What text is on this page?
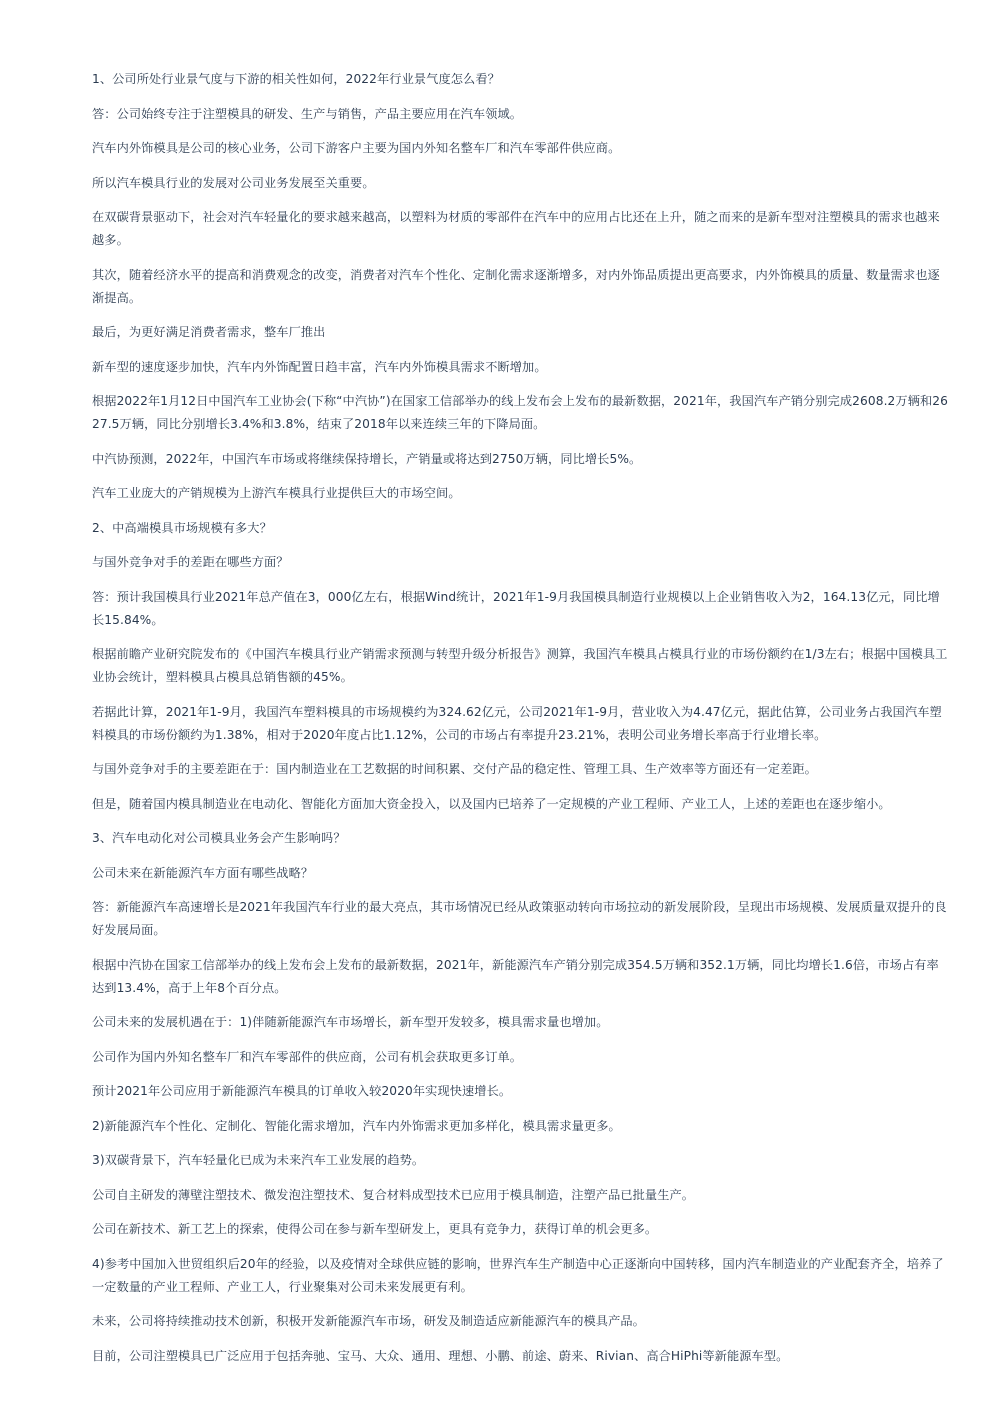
1、公司所处行业景气度与下游的相关性如何，2022年行业景气度怎么看？

答：公司始终专注于注塑模具的研发、生产与销售，产品主要应用在汽车领域。

汽车内外饰模具是公司的核心业务，公司下游客户主要为国内外知名整车厂和汽车零部件供应商。

所以汽车模具行业的发展对公司业务发展至关重要。

在双碳背景驱动下，社会对汽车轻量化的要求越来越高，以塑料为材质的零部件在汽车中的应用占比还在上升，随之而来的是新车型对注塑模具的需求也越来越多。

其次，随着经济水平的提高和消费观念的改变，消费者对汽车个性化、定制化需求逐渐增多，对内外饰品质提出更高要求，内外饰模具的质量、数量需求也逐渐提高。

最后，为更好满足消费者需求，整车厂推出

新车型的速度逐步加快，汽车内外饰配置日趋丰富，汽车内外饰模具需求不断增加。

根据2022年1月12日中国汽车工业协会(下称“中汽协”)在国家工信部举办的线上发布会上发布的最新数据，2021年，我国汽车产销分别完成2608.2万辆和2627.5万辆，同比分别增长3.4%和3.8%，结束了2018年以来连续三年的下降局面。

中汽协预测，2022年，中国汽车市场或将继续保持增长，产销量或将达到2750万辆，同比增长5%。

汽车工业庞大的产销规模为上游汽车模具行业提供巨大的市场空间。

2、中高端模具市场规模有多大？

与国外竞争对手的差距在哪些方面？

答：预计我国模具行业2021年总产值在3，000亿左右，根据Wind统计，2021年1-9月我国模具制造行业规模以上企业销售收入为2，164.13亿元，同比增长15.84%。

根据前瞻产业研究院发布的《中国汽车模具行业产销需求预测与转型升级分析报告》测算，我国汽车模具占模具行业的市场份额约在1/3左右；根据中国模具工业协会统计，塑料模具占模具总销售额的45%。

若据此计算，2021年1-9月，我国汽车塑料模具的市场规模约为324.62亿元，公司2021年1-9月，营业收入为4.47亿元，据此估算，公司业务占我国汽车塑料模具的市场份额约为1.38%，相对于2020年度占比1.12%，公司的市场占有率提升23.21%，表明公司业务增长率高于行业增长率。

与国外竞争对手的主要差距在于：国内制造业在工艺数据的时间积累、交付产品的稳定性、管理工具、生产效率等方面还有一定差距。

但是，随着国内模具制造业在电动化、智能化方面加大资金投入，以及国内已培养了一定规模的产业工程师、产业工人，上述的差距也在逐步缩小。

3、汽车电动化对公司模具业务会产生影响吗？

公司未来在新能源汽车方面有哪些战略？

答：新能源汽车高速增长是2021年我国汽车行业的最大亮点，其市场情况已经从政策驱动转向市场拉动的新发展阶段，呈现出市场规模、发展质量双提升的良好发展局面。

根据中汽协在国家工信部举办的线上发布会上发布的最新数据，2021年，新能源汽车产销分别完成354.5万辆和352.1万辆，同比均增长1.6倍，市场占有率达到13.4%，高于上年8个百分点。

公司未来的发展机遇在于：1)伴随新能源汽车市场增长，新车型开发较多，模具需求量也增加。

公司作为国内外知名整车厂和汽车零部件的供应商，公司有机会获取更多订单。

预计2021年公司应用于新能源汽车模具的订单收入较2020年实现快速增长。

2)新能源汽车个性化、定制化、智能化需求增加，汽车内外饰需求更加多样化，模具需求量更多。

3)双碳背景下，汽车轻量化已成为未来汽车工业发展的趋势。

公司自主研发的薄壁注塑技术、微发泡注塑技术、复合材料成型技术已应用于模具制造，注塑产品已批量生产。

公司在新技术、新工艺上的探索，使得公司在参与新车型研发上，更具有竞争力，获得订单的机会更多。

4)参考中国加入世贸组织后20年的经验，以及疫情对全球供应链的影响，世界汽车生产制造中心正逐渐向中国转移，国内汽车制造业的产业配套齐全，培养了一定数量的产业工程师、产业工人，行业聚集对公司未来发展更有利。

未来，公司将持续推动技术创新，积极开发新能源汽车市场，研发及制造适应新能源汽车的模具产品。

目前，公司注塑模具已广泛应用于包括奔驰、宝马、大众、通用、理想、小鹏、前途、蔚来、Rivian、高合HiPhi等新能源车型。
